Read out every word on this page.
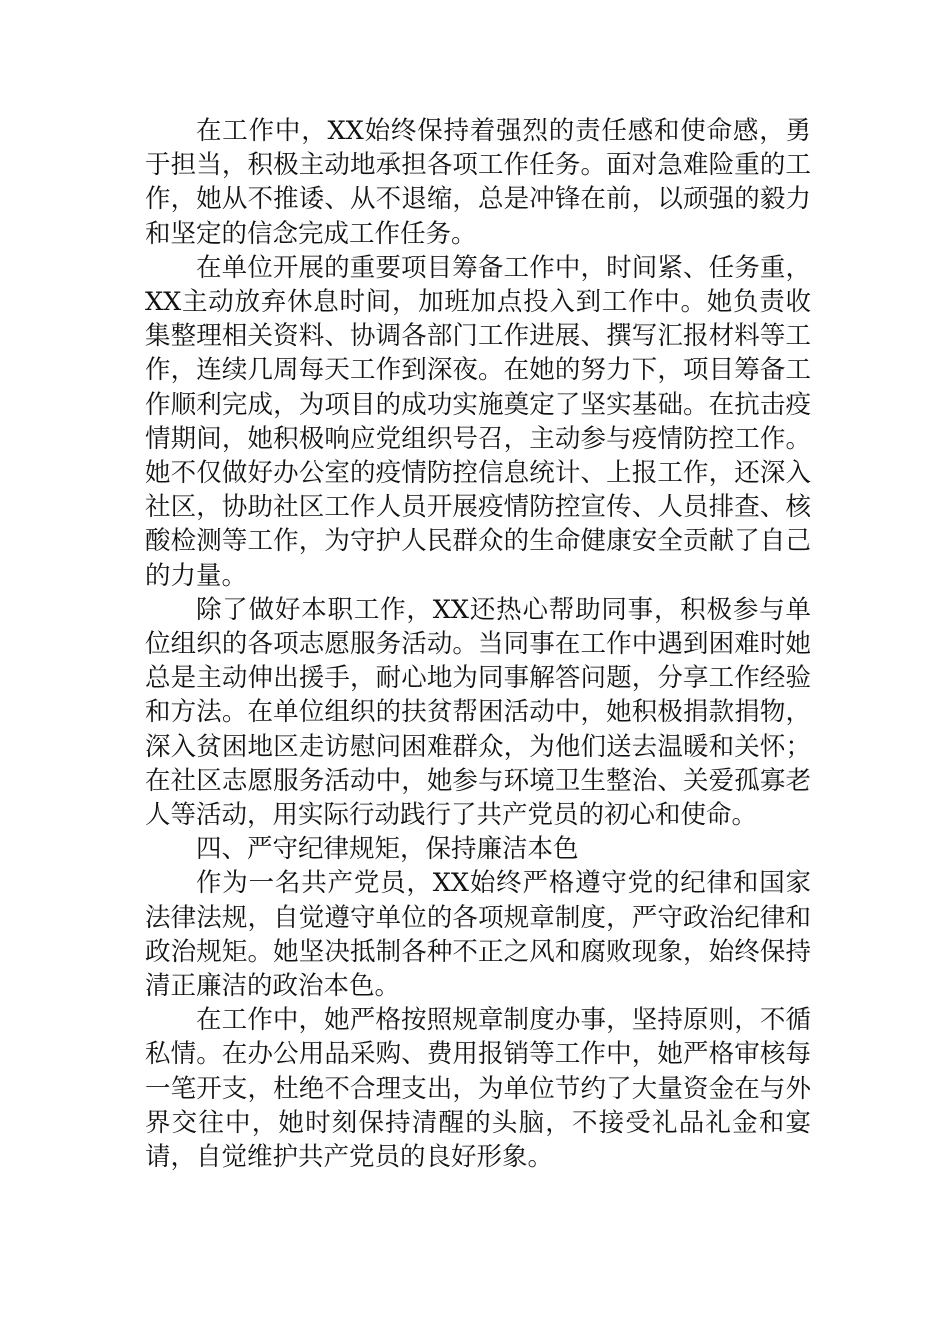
在工作中，XX始终保持着强烈的责任感和使命感，勇于担当，积极主动地承担各项工作任务。面对急难险重的工作，她从不推诿、从不退缩，总是冲锋在前，以顽强的毅力和坚定的信念完成工作任务。

在单位开展的重要项目筹备工作中，时间紧、任务重，XX主动放弃休息时间，加班加点投入到工作中。她负责收集整理相关资料、协调各部门工作进展、撰写汇报材料等工作，连续几周每天工作到深夜。在她的努力下，项目筹备工作顺利完成，为项目的成功实施奠定了坚实基础。在抗击疫情期间，她积极响应党组织号召，主动参与疫情防控工作。她不仅做好办公室的疫情防控信息统计、上报工作，还深入社区，协助社区工作人员开展疫情防控宣传、人员排查、核酸检测等工作，为守护人民群众的生命健康安全贡献了自己的力量。

除了做好本职工作，XX还热心帮助同事，积极参与单位组织的各项志愿服务活动。当同事在工作中遇到困难时她总是主动伸出援手，耐心地为同事解答问题，分享工作经验和方法。在单位组织的扶贫帮困活动中，她积极捐款捐物，深入贫困地区走访慰问困难群众，为他们送去温暖和关怀；在社区志愿服务活动中，她参与环境卫生整治、关爱孤寡老人等活动，用实际行动践行了共产党员的初心和使命。

四、严守纪律规矩，保持廉洁本色

作为一名共产党员，XX始终严格遵守党的纪律和国家法律法规，自觉遵守单位的各项规章制度，严守政治纪律和政治规矩。她坚决抵制各种不正之风和腐败现象，始终保持清正廉洁的政治本色。

在工作中，她严格按照规章制度办事，坚持原则，不循私情。在办公用品采购、费用报销等工作中，她严格审核每一笔开支，杜绝不合理支出，为单位节约了大量资金在与外界交往中，她时刻保持清醒的头脑，不接受礼品礼金和宴请，自觉维护共产党员的良好形象。
